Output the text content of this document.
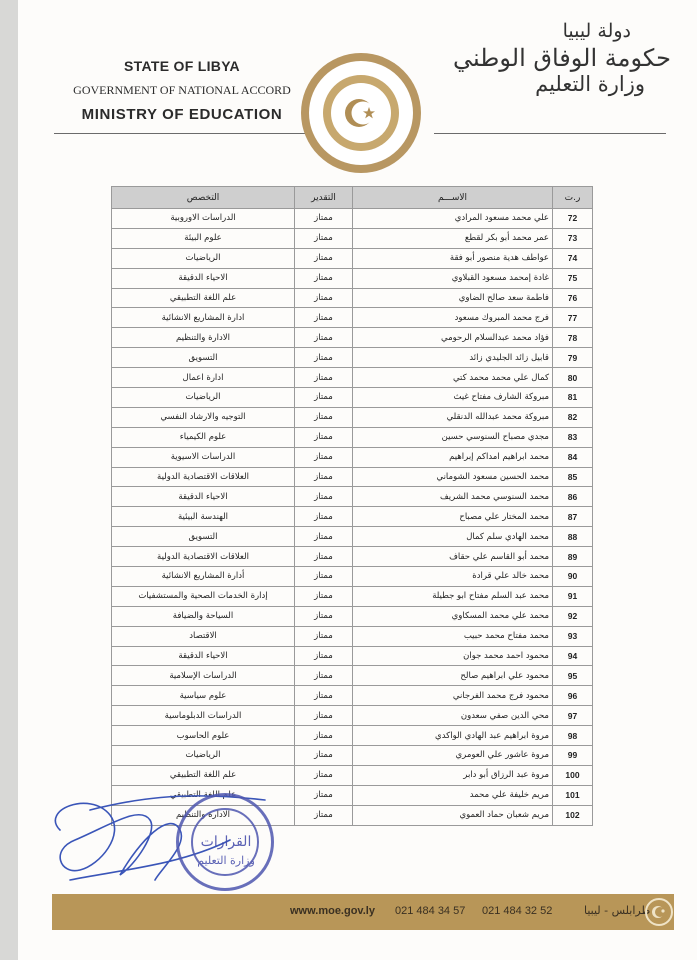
STATE OF LIBYA
GOVERNMENT OF NATIONAL ACCORD
MINISTRY OF EDUCATION
دولة ليبيا
حكومة الوفاق الوطني
وزارة التعليم
ر.ت	الاســـم	التقدير	التخصص
72	علي محمد مسعود المرادي	ممتاز	الدراسات الاوروبية
73	عمر محمد أبو بكر لقطع	ممتاز	علوم البيئة
74	عواطف هدية منصور أبو فقة	ممتاز	الرياضيات
75	غادة إمحمد مسعود القبلاوي	ممتاز	الاحياء الدقيقة
76	فاطمة سعد صالح الضاوي	ممتاز	علم اللغة التطبيقي
77	فرج محمد المبروك مسعود	ممتاز	ادارة المشاريع الانشائية
78	فؤاد محمد عبدالسلام الرحومي	ممتاز	الادارة والتنظيم
79	قابيل زائد الجليدي زائد	ممتاز	التسويق
80	كمال علي محمد محمد كتي	ممتاز	ادارة اعمال
81	مبروكة الشارف مفتاح غيث	ممتاز	الرياضيات
82	مبروكة محمد عبدالله الدنقلي	ممتاز	التوجيه والارشاد النفسي
83	مجدي مصباح السنوسي حسين	ممتاز	علوم الكيمياء
84	محمد ابراهيم امداكم إبراهيم	ممتاز	الدراسات الاسيوية
85	محمد الحسين مسعود الشوماني	ممتاز	العلاقات الاقتصادية الدولية
86	محمد السنوسي محمد الشريف	ممتاز	الاحياء الدقيقة
87	محمد المختار علي مصباح	ممتاز	الهندسة البيئية
88	محمد الهادي سلم كمال	ممتاز	التسويق
89	محمد أبو القاسم علي حقاف	ممتاز	العلاقات الاقتصادية الدولية
90	محمد خالد علي قرادة	ممتاز	أدارة المشاريع الانشائية
91	محمد عبد السلم مفتاح ابو جطيلة	ممتاز	إدارة الخدمات الصحية والمستشفيات
92	محمد علي محمد المسكاوي	ممتاز	السياحة والضيافة
93	محمد مفتاح محمد حبيب	ممتاز	الاقتصاد
94	محمود احمد محمد جوان	ممتاز	الاحياء الدقيقة
95	محمود علي ابراهيم صالح	ممتاز	الدراسات الإسلامية
96	محمود فرج محمد الفرجاني	ممتاز	علوم سياسية
97	محي الدين صفي سعدون	ممتاز	الدراسات الدبلوماسية
98	مروة ابراهيم عبد الهادي الواكدي	ممتاز	علوم الحاسوب
99	مروة عاشور علي العومري	ممتاز	الرياضيات
100	مروة عبد الرزاق أبو دابر	ممتاز	علم اللغة التطبيقي
101	مريم خليفة علي محمد	ممتاز	علم اللغة التطبيقي
102	مريم شعبان حماد العموي	ممتاز	الادارة والتنظيم
القرارات
وزارة التعليم
www.moe.gov.ly 021 484 34 57 021 484 32 52	طرابلس - ليبيا
